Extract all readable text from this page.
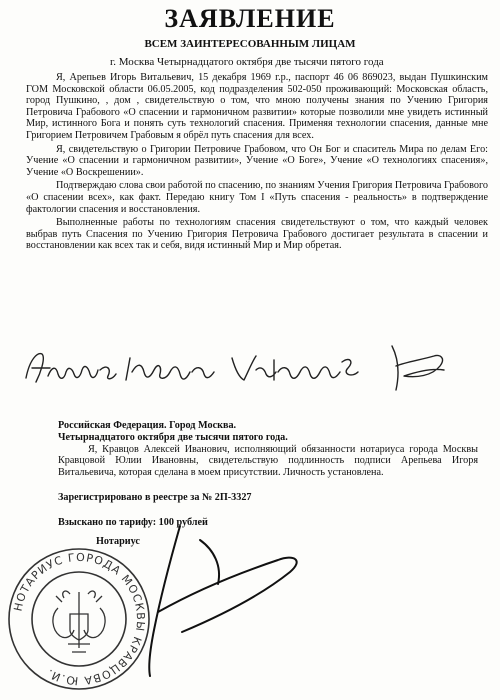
ЗАЯВЛЕНИЕ
ВСЕМ ЗАИНТЕРЕСОВАННЫМ ЛИЦАМ
г. Москва Четырнадцатого октября две тысячи пятого года

Я, Арепьев Игорь Витальевич, 15 декабря 1969 г.р., паспорт 46 06 869023, выдан Пушкинским ГОМ Московской области 06.05.2005, код подразделения 502-050 проживающий: Московская область, город Пушкино, , дом , свидетельствую о том, что мною получены знания по Учению Григория Петровича Грабового «О спасении и гармоничном развитии» которые позволили мне увидеть истинный Мир, истинного Бога и понять суть технологий спасения. Применяя технологии спасения, данные мне Григорием Петровичем Грабовым я обрёл путь спасения для всех.

Я, свидетельствую о Григории Петровиче Грабовом, что Он Бог и спаситель Мира по делам Его: Учение «О спасении и гармоничном развитии», Учение «О Боге», Учение «О технологиях спасения», Учение «О Воскрешении».

Подтверждаю слова свои работой по спасению, по знаниям Учения Григория Петровича Грабового «О спасении всех», как факт. Передаю книгу Том I «Путь спасения - реальность» в подтверждение фактологии спасения и восстановления.

Выполненные работы по технологиям спасения свидетельствуют о том, что каждый человек выбрав путь Спасения по Учению Григория Петровича Грабового достигает результата в спасении и восстановлении как всех так и себя, видя истинный Мир и Мир обретая.

Российская Федерация. Город Москва.

Четырнадцатого октября две тысячи пятого года.

Я, Кравцов Алексей Иванович, исполняющий обязанности нотариуса города Москвы Кравцовой Юлии Ивановны, свидетельствую подлинность подписи Арепьева Игоря Витальевича, которая сделана в моем присутствии. Личность установлена.

Зарегистрировано в реестре за № 2П-3327
Взыскано по тарифу: 100 рублей
Нотариус
НОТАРИУС ГОРОДА МОСКВЫ КРАВЦОВА Ю.И.
